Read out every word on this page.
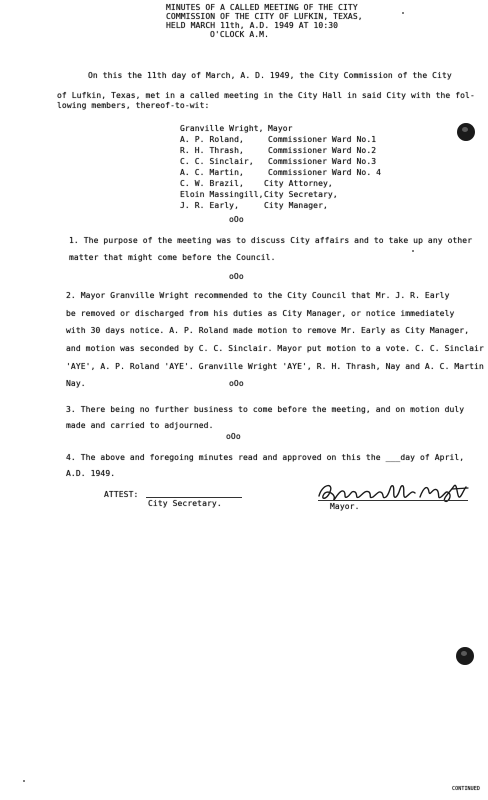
MINUTES OF A CALLED MEETING OF THE CITY
COMMISSION OF THE CITY OF LUFKIN, TEXAS,
HELD MARCH 11th, A.D. 1949 AT 10:30
O'CLOCK A.M.
On this the 11th day of March, A. D. 1949, the City Commission of the City
of Lufkin, Texas, met in a called meeting in the City Hall in said City with the fol-
lowing members, thereof-to-wit:
Granville Wright, Mayor
A. P. Roland,	Commissioner Ward No.1
R. H. Thrash,	Commissioner Ward No.2
C. C. Sinclair, Commissioner Ward No.3
A. C. Martin,	Commissioner Ward No. 4
C. W. Brazil,	City Attorney,
Eloin Massingill, City Secretary,
J. R. Early,	City Manager,
oOo
1. The purpose of the meeting was to discuss City affairs and to take up any other
matter that might come before the Council.
oOo
2. Mayor Granville Wright recommended to the City Council that Mr. J. R. Early
be removed or discharged from his duties as City Manager, or notice immediately
with 30 days notice. A. P. Roland made motion to remove Mr. Early as City Manager,
and motion was seconded by C. C. Sinclair. Mayor put motion to a vote. C. C. Sinclair
'AYE', A. P. Roland 'AYE'. Granville Wright 'AYE', R. H. Thrash, Nay and A. C. Martin
Nay.	oOo
3. There being no further business to come before the meeting, and on motion duly
made and carried to adjourned.
oOo
4. The above and foregoing minutes read and approved on this the ___day of April,
A.D. 1949.
ATTEST:
City Secretary.	Mayor.
CONTINUED
